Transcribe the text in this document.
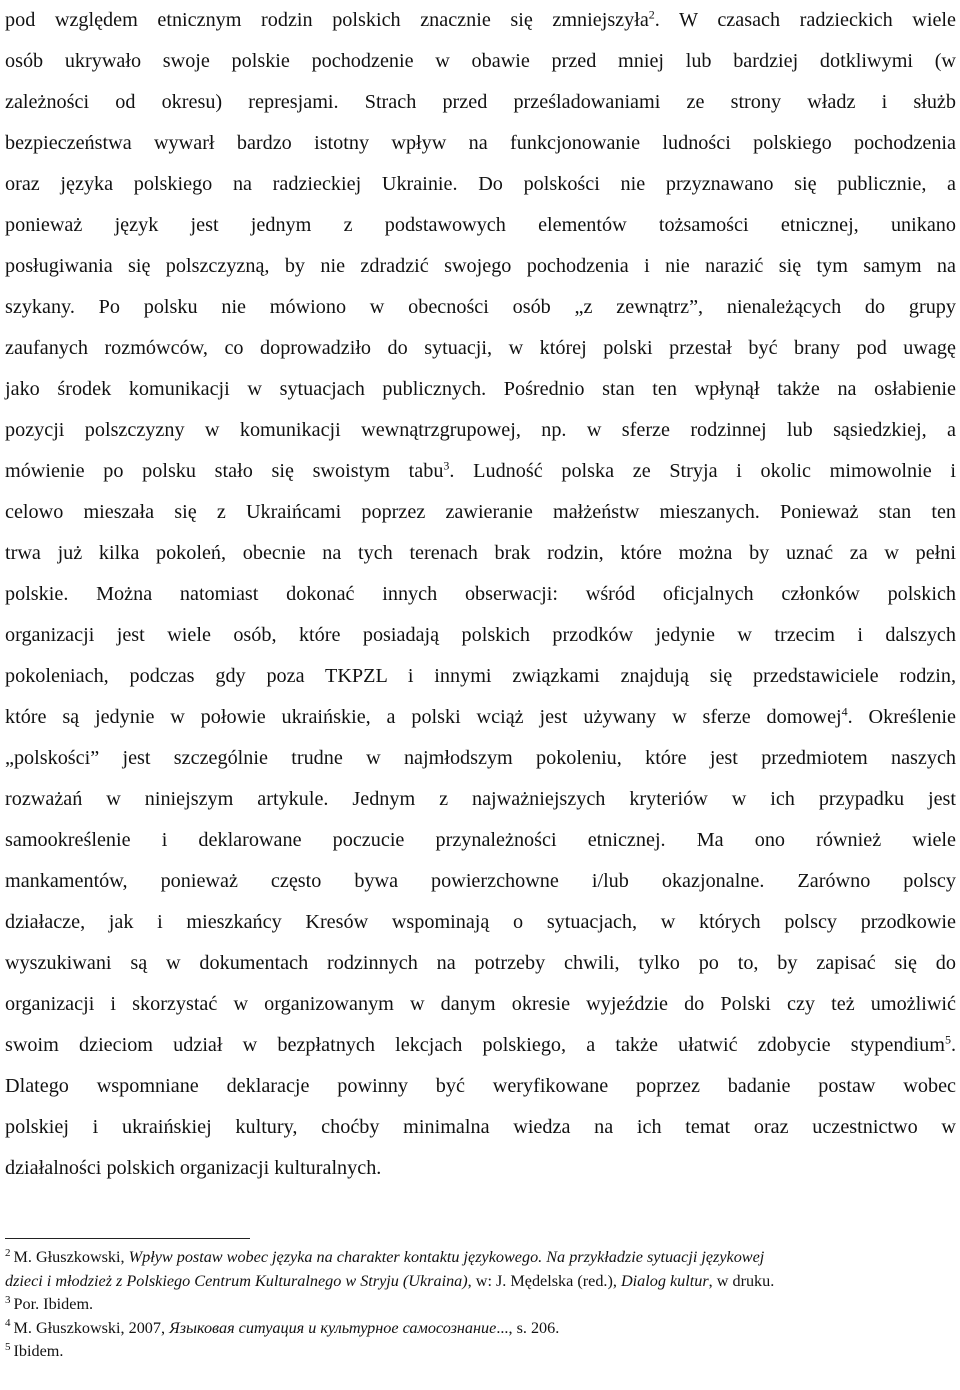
pod względem etnicznym rodzin polskich znacznie się zmniejszyła$^2$. W czasach radzieckich wiele
osób ukrywało swoje polskie pochodzenie w obawie przed mniej lub bardziej dotkliwymi (w
zależności od okresu) represjami. Strach przed prześladowaniami ze strony władz i służb
bezpieczeństwa wywarł bardzo istotny wpływ na funkcjonowanie ludności polskiego pochodzenia
oraz języka polskiego na radzieckiej Ukrainie. Do polskości nie przyznawano się publicznie, a
ponieważ język jest jednym z podstawowych elementów tożsamości etnicznej, unikano
posługiwania się polszczyzną, by nie zdradzić swojego pochodzenia i nie narazić się tym samym na
szykany. Po polsku nie mówiono w obecności osób „z zewnątrz”, nienależących do grupy
zaufanych rozmówców, co doprowadziło do sytuacji, w której polski przestał być brany pod uwagę
jako środek komunikacji w sytuacjach publicznych. Pośrednio stan ten wpłynął także na osłabienie
pozycji polszczyzny w komunikacji wewnątrzgrupowej, np. w sferze rodzinnej lub sąsiedzkiej, a
mówienie po polsku stało się swoistym tabu$^3$. Ludność polska ze Stryja i okolic mimowolnie i
celowo mieszała się z Ukraińcami poprzez zawieranie małżeństw mieszanych. Ponieważ stan ten
trwa już kilka pokoleń, obecnie na tych terenach brak rodzin, które można by uznać za w pełni
polskie. Można natomiast dokonać innych obserwacji: wśród oficjalnych członków polskich
organizacji jest wiele osób, które posiadają polskich przodków jedynie w trzecim i dalszych
pokoleniach, podczas gdy poza TKPZL i innymi związkami znajdują się przedstawiciele rodzin,
które są jedynie w połowie ukraińskie, a polski wciąż jest używany w sferze domowej$^4$. Określenie
„polskości” jest szczególnie trudne w najmłodszym pokoleniu, które jest przedmiotem naszych
rozważań w niniejszym artykule. Jednym z najważniejszych kryteriów w ich przypadku jest
samookreślenie i deklarowane poczucie przynależności etnicznej. Ma ono również wiele
mankamentów, ponieważ często bywa powierzchowne i/lub okazjonalne. Zarówno polscy
działacze, jak i mieszkańcy Kresów wspominają o sytuacjach, w których polscy przodkowie
wyszukiwani są w dokumentach rodzinnych na potrzeby chwili, tylko po to, by zapisać się do
organizacji i skorzystać w organizowanym w danym okresie wyjeździe do Polski czy też umożliwić
swoim dzieciom udział w bezpłatnych lekcjach polskiego, a także ułatwić zdobycie stypendium$^5$.
Dlatego wspomniane deklaracje powinny być weryfikowane poprzez badanie postaw wobec
polskiej i ukraińskiej kultury, choćby minimalna wiedza na ich temat oraz uczestnictwo w
działalności polskich organizacji kulturalnych.
$^2$ M. Głuszkowski, Wpływ postaw wobec języka na charakter kontaktu językowego. Na przykładzie sytuacji językowej
dzieci i młodzież z Polskiego Centrum Kulturalnego w Stryju (Ukraina), w: J. Mędelska (red.), Dialog kultur, w druku.
$^3$ Por. Ibidem.
$^4$ M. Głuszkowski, 2007, Языковая ситуация и культурное самосознание..., s. 206.
$^5$ Ibidem.
